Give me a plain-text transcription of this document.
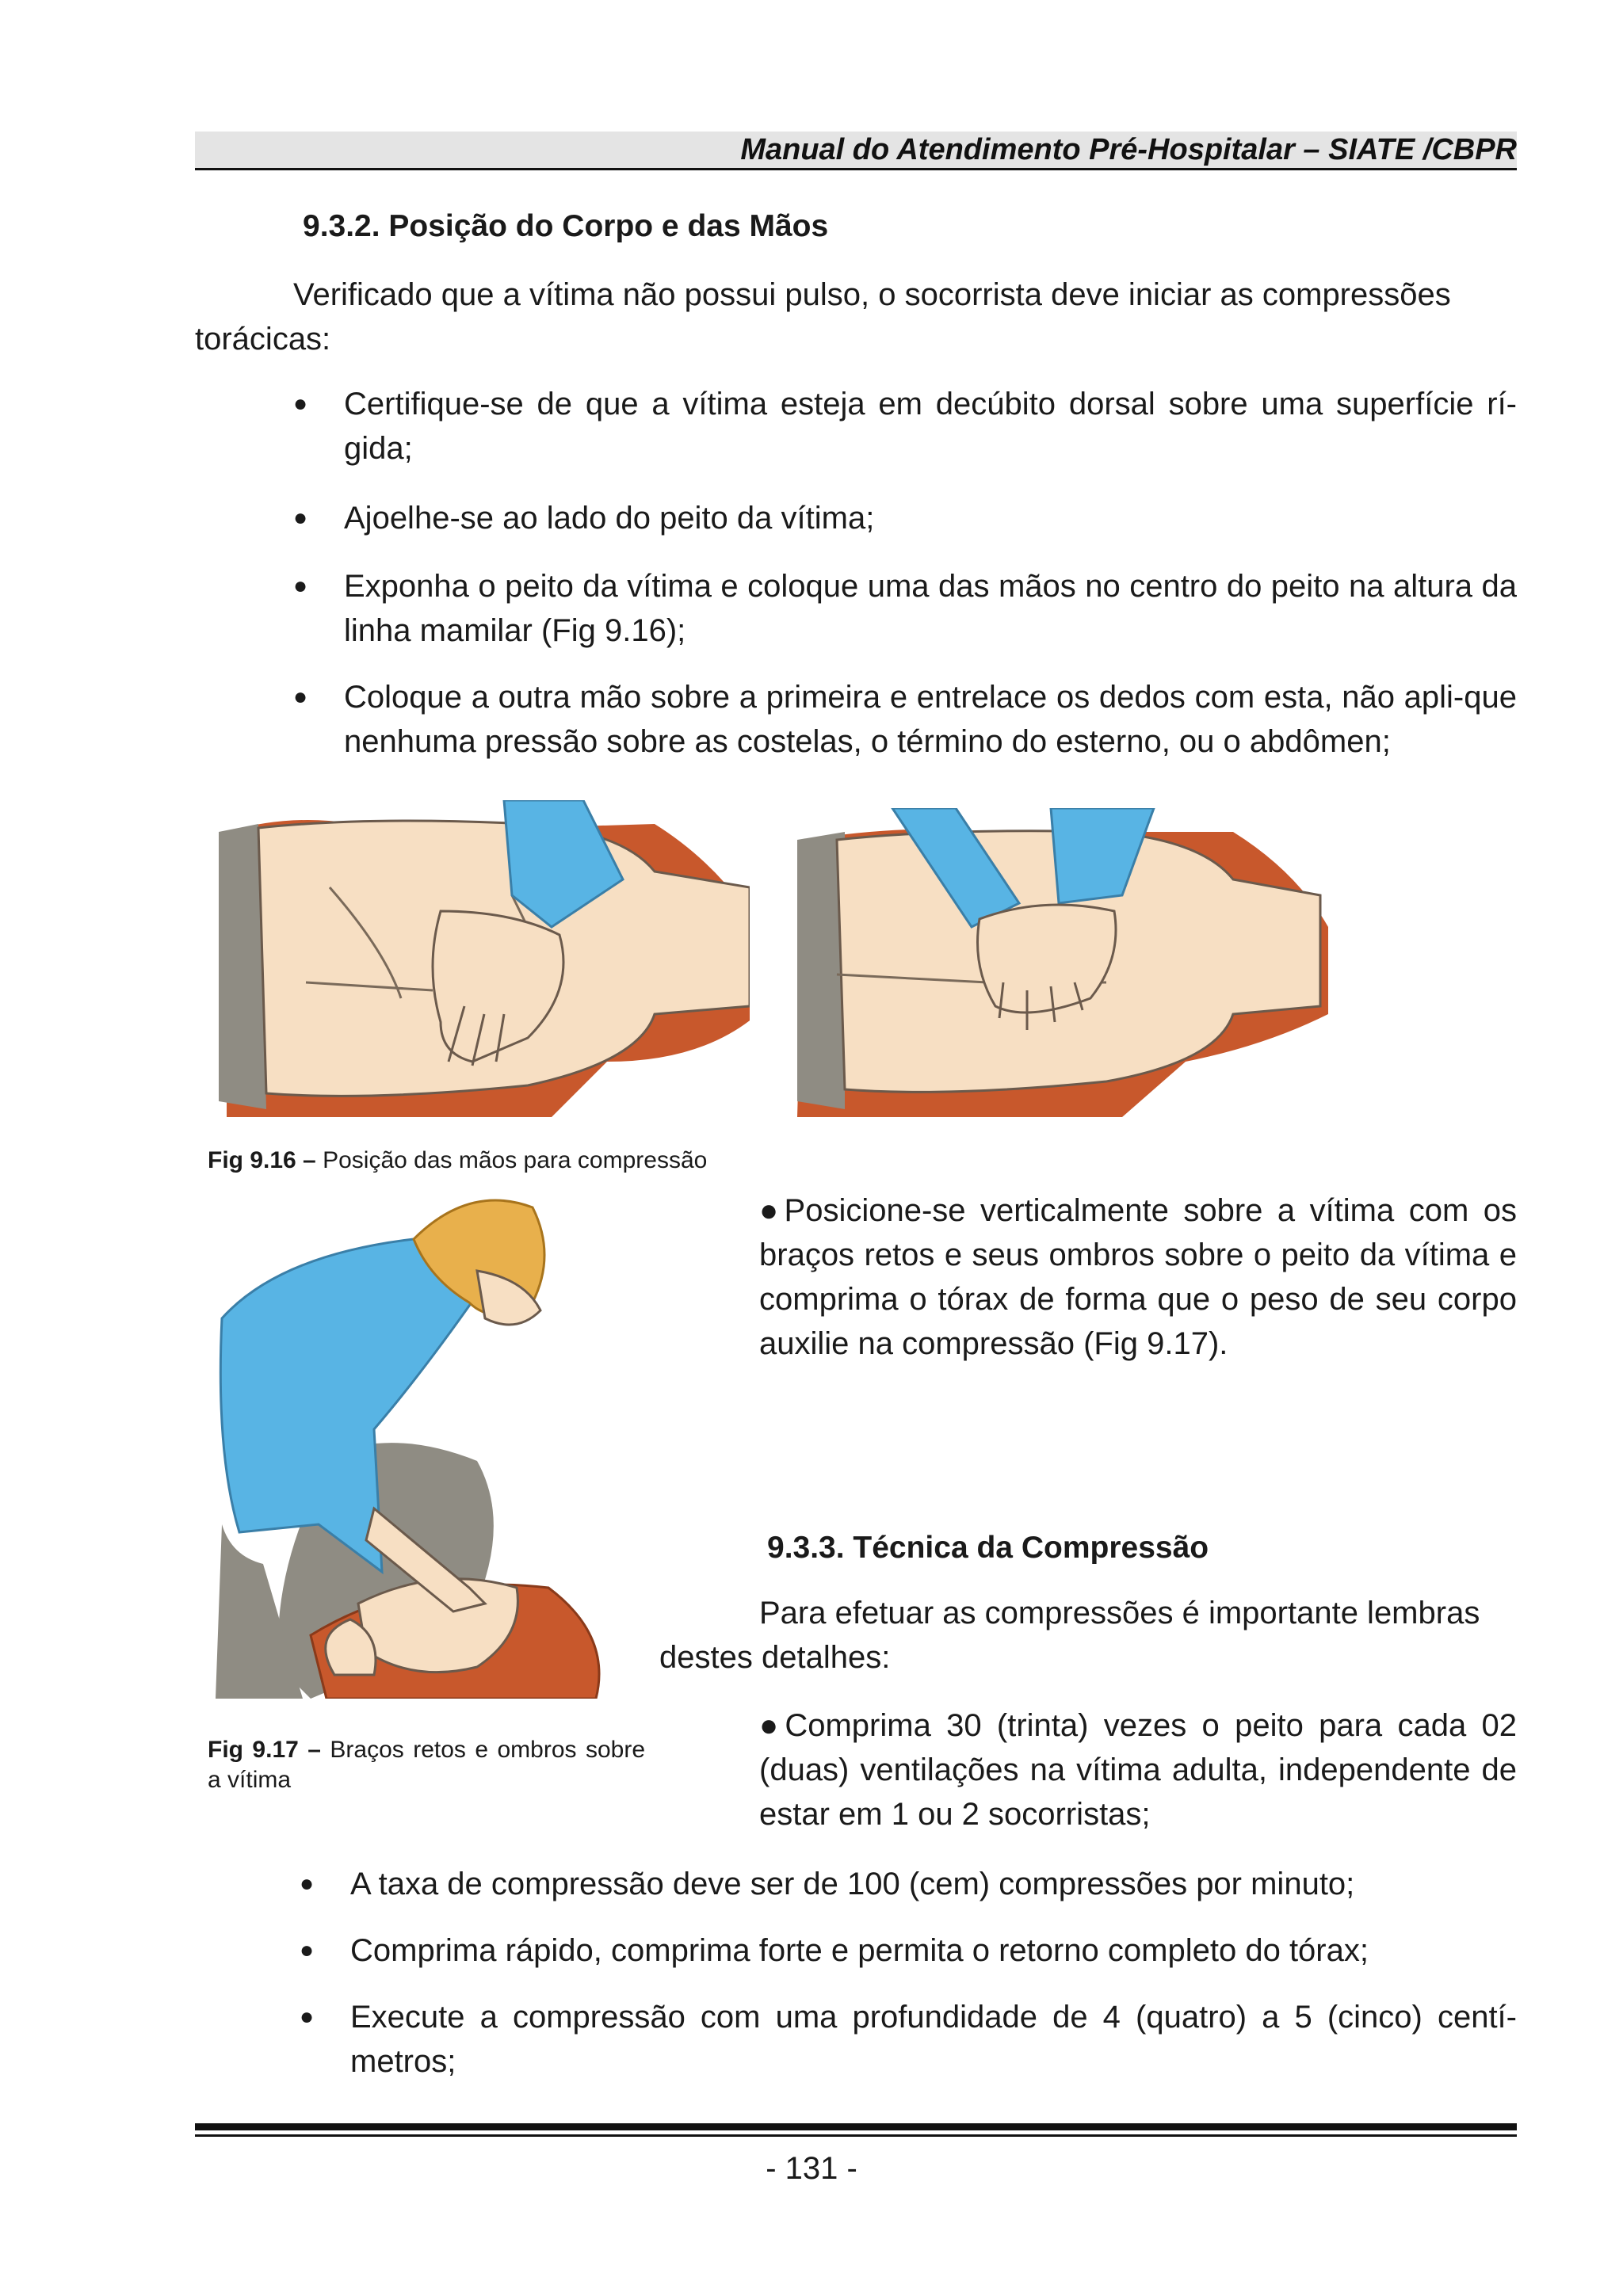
Manual do Atendimento Pré-Hospitalar – SIATE /CBPR
9.3.2. Posição do Corpo e das Mãos
Verificado que a vítima não possui pulso, o socorrista deve iniciar as compressões
torácicas:
●	Certifique-se de que a vítima esteja em decúbito dorsal sobre uma superfície rí-gida;
●	Ajoelhe-se ao lado do peito da vítima;
●	Exponha o peito da vítima e coloque uma das mãos no centro do peito na altura da linha mamilar (Fig 9.16);
●	Coloque a outra mão sobre a primeira e entrelace os dedos com esta, não apli-que nenhuma pressão sobre as costelas, o término do esterno, ou o abdômen;
Fig 9.16 – Posição das mãos para compressão
●Posicione-se verticalmente sobre a vítima com os braços retos e seus ombros sobre o peito da vítima e comprima o tórax de forma que o peso de seu corpo auxilie na compressão (Fig 9.17).
9.3.3. Técnica da Compressão
Para efetuar as compressões é importante lembras
destes detalhes:
Fig 9.17 – Braços retos e ombros sobre a vítima
●Comprima 30 (trinta) vezes o peito para cada 02 (duas) ventilações na vítima adulta, independente de estar em 1 ou 2 socorristas;
●	A taxa de compressão deve ser de 100 (cem) compressões por minuto;
●	Comprima rápido, comprima forte e permita o retorno completo do tórax;
●	Execute a compressão com uma profundidade de 4 (quatro) a 5 (cinco) centí-metros;
- 131 -
